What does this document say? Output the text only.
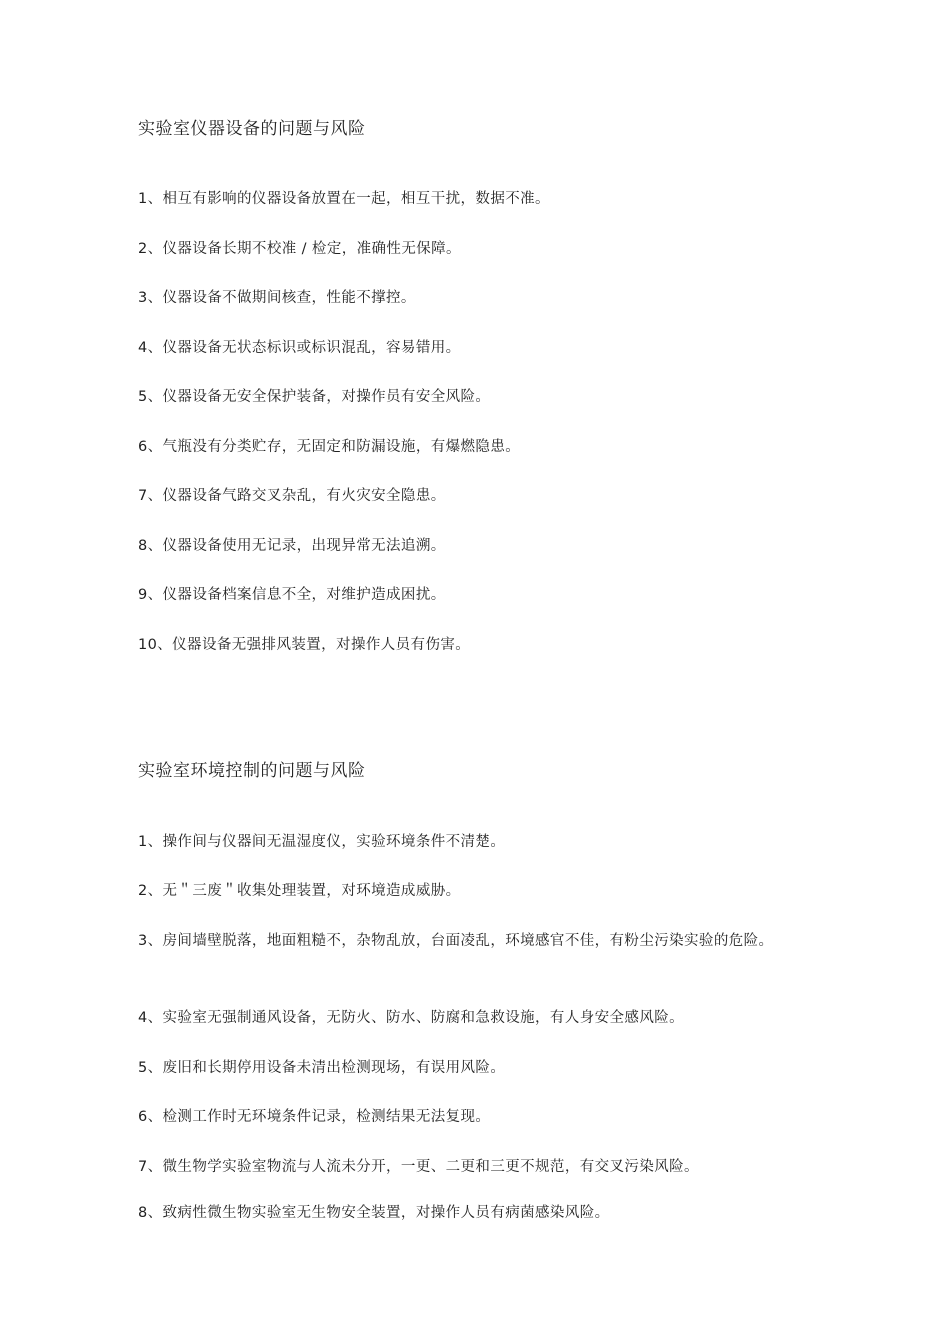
实验室仪器设备的问题与风险
1、相互有影响的仪器设备放置在一起，相互干扰，数据不准。
2、仪器设备长期不校准 / 检定，准确性无保障。
3、仪器设备不做期间核查，性能不撑控。
4、仪器设备无状态标识或标识混乱，容易错用。
5、仪器设备无安全保护装备，对操作员有安全风险。
6、气瓶没有分类贮存，无固定和防漏设施，有爆燃隐患。
7、仪器设备气路交叉杂乱，有火灾安全隐患。
8、仪器设备使用无记录，出现异常无法追溯。
9、仪器设备档案信息不全，对维护造成困扰。
10、仪器设备无强排风装置，对操作人员有伤害。
实验室环境控制的问题与风险
1、操作间与仪器间无温湿度仪，实验环境条件不清楚。
2、无＂三废＂收集处理装置，对环境造成威胁。
3、房间墙壁脱落，地面粗糙不，杂物乱放，台面凌乱，环境感官不佳，有粉尘污染实验的危险。
4、实验室无强制通风设备，无防火、防水、防腐和急救设施，有人身安全感风险。
5、废旧和长期停用设备未清出检测现场，有误用风险。
6、检测工作时无环境条件记录，检测结果无法复现。
7、微生物学实验室物流与人流未分开，一更、二更和三更不规范，有交叉污染风险。
8、致病性微生物实验室无生物安全装置，对操作人员有病菌感染风险。
